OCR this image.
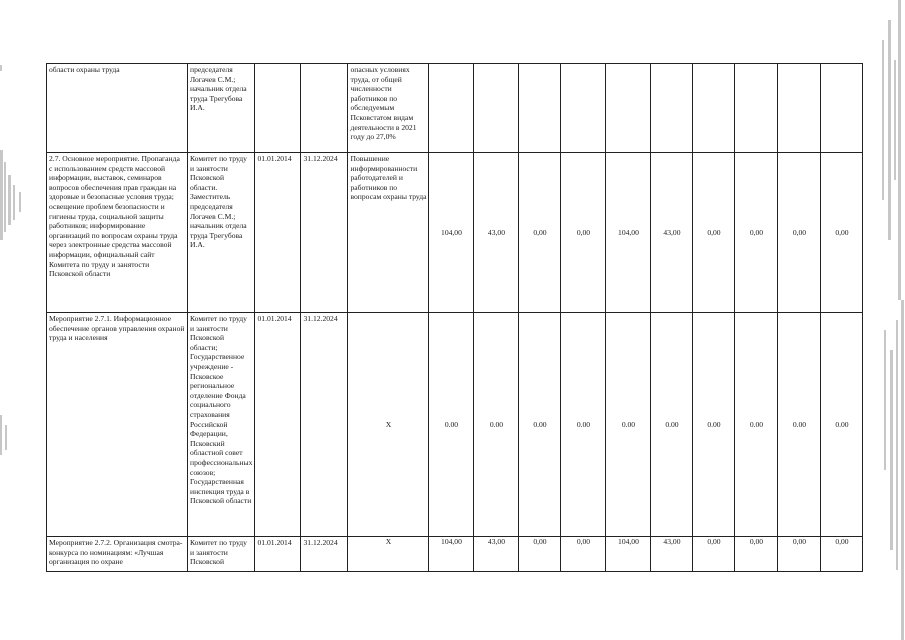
области охраны труда	председателя Логачев С.М.; начальник отдела труда Трегубова И.А.			опасных условиях труда, от общей численности работников по обследуемым Псковстатом видам деятельности в 2021 году до 27,0%										
2.7. Основное мероприятие. Пропаганда с использованием средств массовой информации, выставок, семинаров вопросов обеспечения прав граждан на здоровые и безопасные условия труда; освещение проблем безопасности и гигиены труда, социальной защиты работников; информирование организаций по вопросам охраны труда через электронные средства массовой информации, официальный сайт Комитета по труду и занятости Псковской области	Комитет по труду и занятости Псковской области. Заместитель председателя Логачев С.М.; начальник отдела труда Трегубова И.А.	01.01.2014	31.12.2024	Повышение информированности работодателей и работников по вопросам охраны труда	104,00	43,00	0,00	0,00	104,00	43,00	0,00	0,00	0,00	0,00
Мероприятие 2.7.1. Информационное обеспечение органов управления охраной труда и населения	Комитет по труду и занятости Псковской области; Государственное учреждение - Псковское региональное отделение Фонда социального страхования Российской Федерации, Псковский областной совет профессиональных союзов; Государственная инспекция труда в Псковской области	01.01.2014	31.12.2024	Х	0.00	0.00	0.00	0.00	0.00	0.00	0.00	0.00	0.00	0.00
Мероприятие 2.7.2. Организация смотра-конкурса по номинациям: «Лучшая организация по охране	Комитет по труду и занятости Псковской	01.01.2014	31.12.2024	Х	104,00	43,00	0,00	0,00	104,00	43,00	0,00	0,00	0,00	0,00
